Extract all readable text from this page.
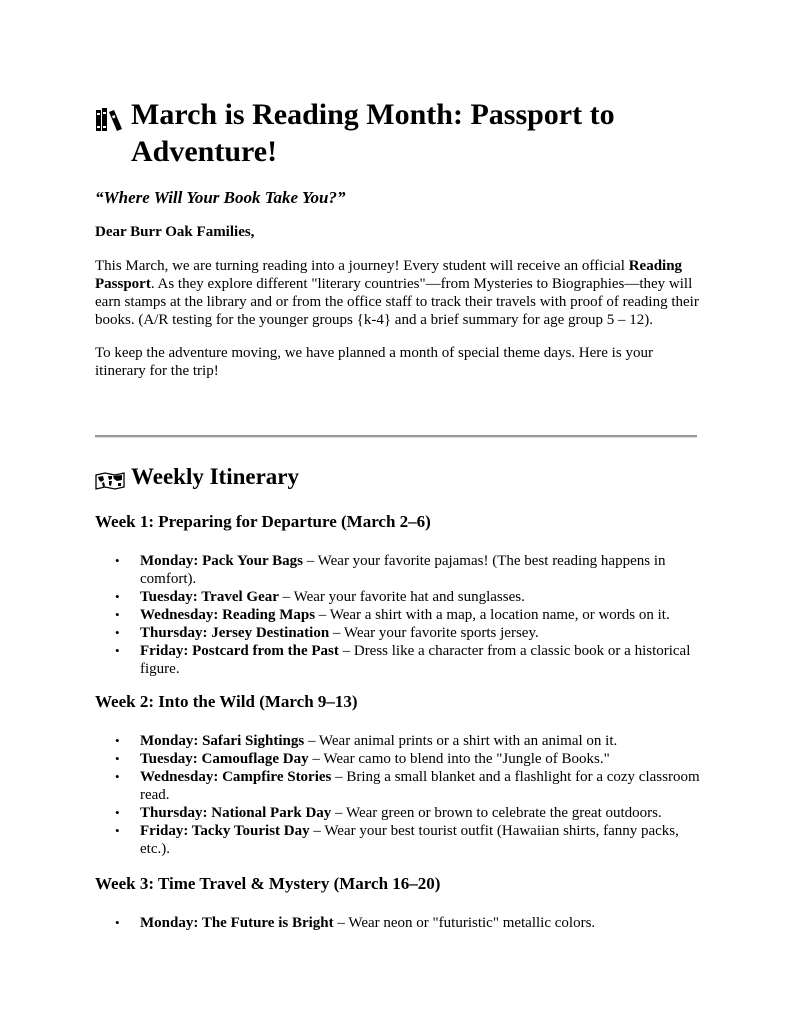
March is Reading Month: Passport to Adventure!
“Where Will Your Book Take You?”
Dear Burr Oak Families,

This March, we are turning reading into a journey! Every student will receive an official Reading Passport. As they explore different "literary countries"—from Mysteries to Biographies—they will earn stamps at the library and or from the office staff to track their travels with proof of reading their books. (A/R testing for the younger groups {k-4} and a brief summary for age group 5 – 12).

To keep the adventure moving, we have planned a month of special theme days. Here is your itinerary for the trip!

Weekly Itinerary
Week 1: Preparing for Departure (March 2–6)
• Monday: Pack Your Bags – Wear your favorite pajamas! (The best reading happens in comfort).
• Tuesday: Travel Gear – Wear your favorite hat and sunglasses.
• Wednesday: Reading Maps – Wear a shirt with a map, a location name, or words on it.
• Thursday: Jersey Destination – Wear your favorite sports jersey.
• Friday: Postcard from the Past – Dress like a character from a classic book or a historical figure.
Week 2: Into the Wild (March 9–13)
• Monday: Safari Sightings – Wear animal prints or a shirt with an animal on it.
• Tuesday: Camouflage Day – Wear camo to blend into the "Jungle of Books."
• Wednesday: Campfire Stories – Bring a small blanket and a flashlight for a cozy classroom read.
• Thursday: National Park Day – Wear green or brown to celebrate the great outdoors.
• Friday: Tacky Tourist Day – Wear your best tourist outfit (Hawaiian shirts, fanny packs, etc.).
Week 3: Time Travel & Mystery (March 16–20)
• Monday: The Future is Bright – Wear neon or "futuristic" metallic colors.
